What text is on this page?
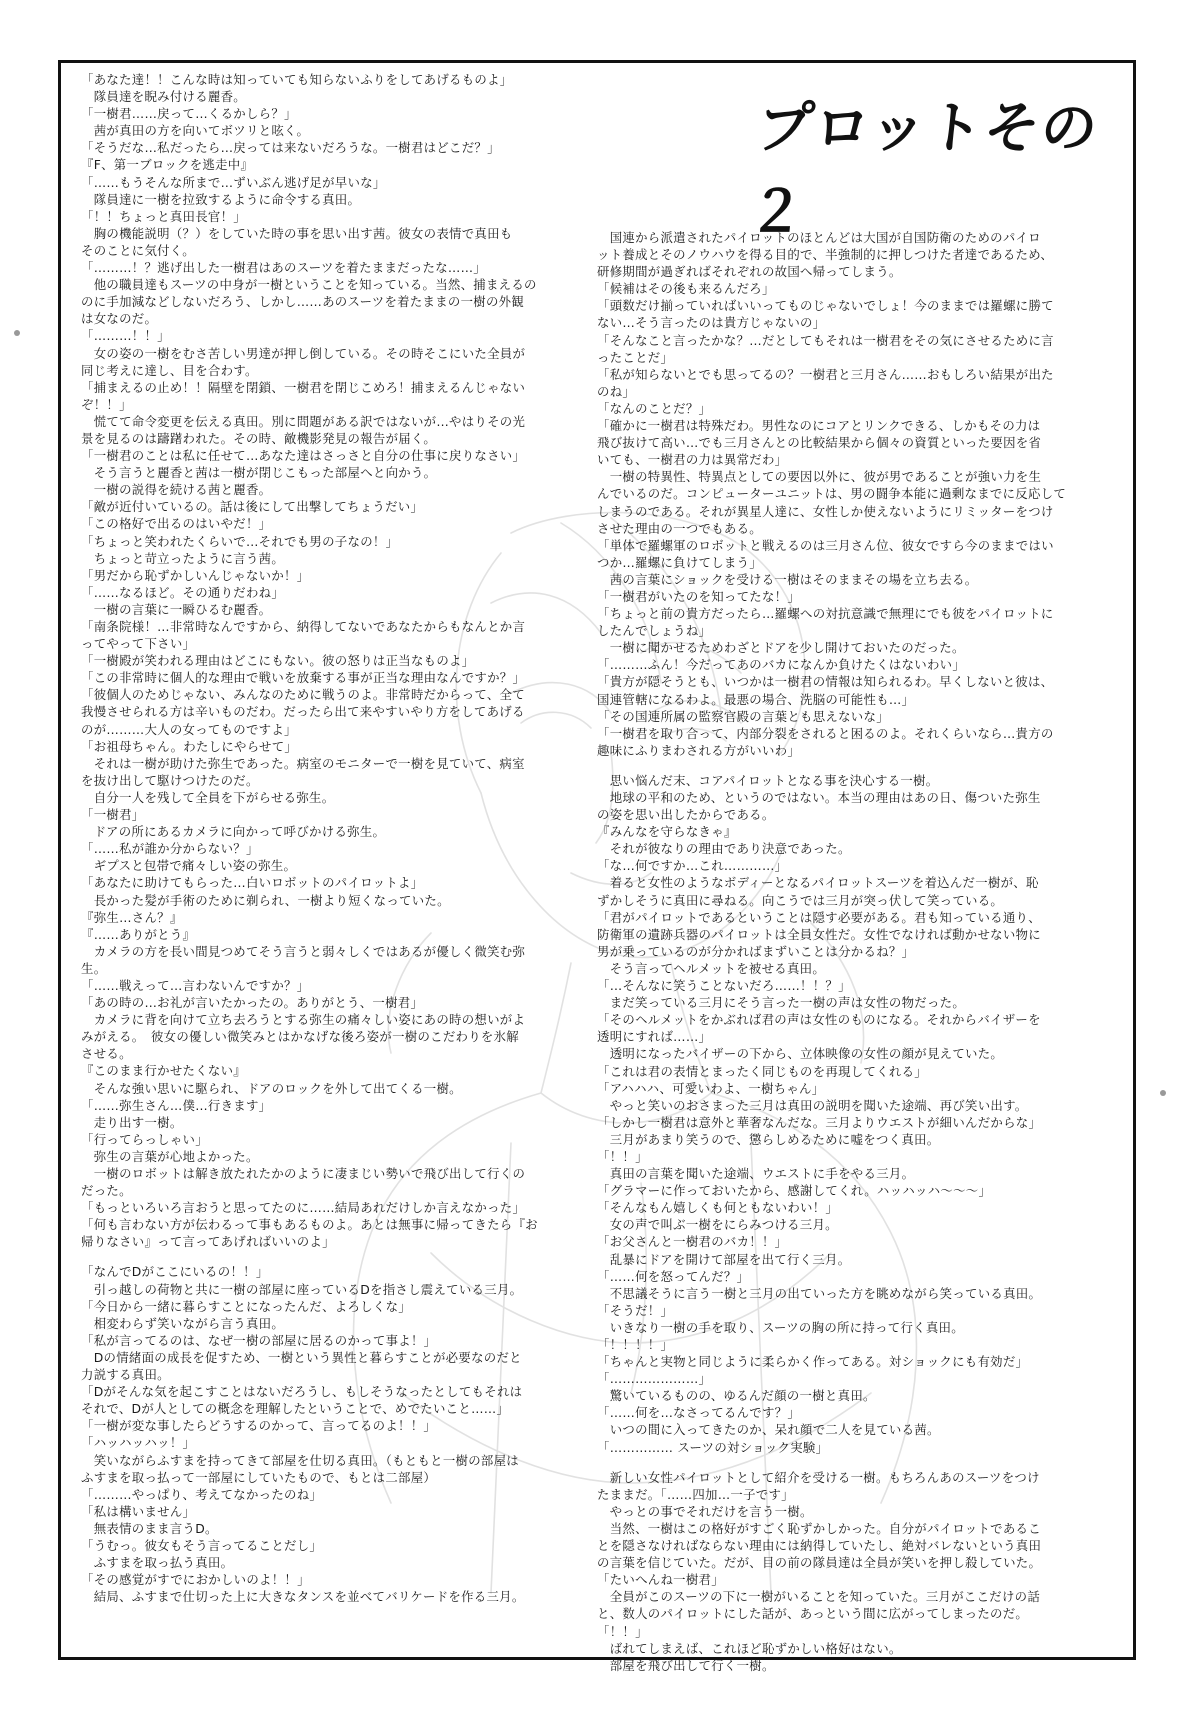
プロットその２

「あなた達！！こんな時は知っていても知らないふりをしてあげるものよ」

　隊員達を睨み付ける麗香。

「一樹君……戻って…くるかしら？」

　茜が真田の方を向いてボツリと呟く。

「そうだな…私だったら…戻っては来ないだろうな。一樹君はどこだ？」

『F、第一ブロックを逃走中』

「……もうそんな所まで…ずいぶん逃げ足が早いな」

　隊員達に一樹を拉致するように命令する真田。

「！！ちょっと真田長官！」

　胸の機能説明（？）をしていた時の事を思い出す茜。彼女の表情で真田も

そのことに気付く。

「………！？逃げ出した一樹君はあのスーツを着たままだったな……」

　他の職員達もスーツの中身が一樹ということを知っている。当然、捕まえるの

のに手加減などしないだろう、しかし……あのスーツを着たままの一樹の外観

は女なのだ。

「………！！」

　女の姿の一樹をむさ苦しい男達が押し倒している。その時そこにいた全員が

同じ考えに達し、目を合わす。

「捕まえるの止め！！隔壁を閉鎖、一樹君を閉じこめろ！捕まえるんじゃない

ぞ！！」

　慌てて命令変更を伝える真田。別に問題がある訳ではないが…やはりその光

景を見るのは躊躇われた。その時、敵機影発見の報告が届く。

「一樹君のことは私に任せて…あなた達はさっさと自分の仕事に戻りなさい」

　そう言うと麗香と茜は一樹が閉じこもった部屋へと向かう。

　一樹の説得を続ける茜と麗香。

「敵が近付いているの。話は後にして出撃してちょうだい」

「この格好で出るのはいやだ！」

「ちょっと笑われたくらいで…それでも男の子なの！」

　ちょっと苛立ったように言う茜。

「男だから恥ずかしいんじゃないか！」

「……なるほど。その通りだわね」

　一樹の言葉に一瞬ひるむ麗香。

「南条院様！…非常時なんですから、納得してないであなたからもなんとか言

ってやって下さい」

「一樹殿が笑われる理由はどこにもない。彼の怒りは正当なものよ」

「この非常時に個人的な理由で戦いを放棄する事が正当な理由なんですか？」

「彼個人のためじゃない、みんなのために戦うのよ。非常時だからって、全て

我慢させられる方は辛いものだわ。だったら出て来やすいやり方をしてあげる

のが………大人の女ってものですよ」

「お祖母ちゃん。わたしにやらせて」

　それは一樹が助けた弥生であった。病室のモニターで一樹を見ていて、病室

を抜け出して駆けつけたのだ。

　自分一人を残して全員を下がらせる弥生。

「一樹君」

　ドアの所にあるカメラに向かって呼びかける弥生。

「……私が誰か分からない？」

　ギプスと包帯で痛々しい姿の弥生。

「あなたに助けてもらった…白いロボットのパイロットよ」

　長かった髪が手術のために剃られ、一樹より短くなっていた。

『弥生…さん？』

『……ありがとう』

　カメラの方を長い間見つめてそう言うと弱々しくではあるが優しく微笑む弥

生。

「……戦えって…言わないんですか？」

「あの時の…お礼が言いたかったの。ありがとう、一樹君」

　カメラに背を向けて立ち去ろうとする弥生の痛々しい姿にあの時の想いがよ

みがえる。　彼女の優しい微笑みとはかなげな後ろ姿が一樹のこだわりを氷解

させる。

『このまま行かせたくない』

　そんな強い思いに駆られ、ドアのロックを外して出てくる一樹。

「……弥生さん…僕…行きます」

　走り出す一樹。

「行ってらっしゃい」

　弥生の言葉が心地よかった。

　一樹のロボットは解き放たれたかのように凄まじい勢いで飛び出して行くの

だった。

「もっといろいろ言おうと思ってたのに……結局あれだけしか言えなかった」

「何も言わない方が伝わるって事もあるものよ。あとは無事に帰ってきたら『お

帰りなさい』って言ってあげればいいのよ」

「なんでDがここにいるの！！」

　引っ越しの荷物と共に一樹の部屋に座っているDを指さし震えている三月。

「今日から一緒に暮らすことになったんだ、よろしくな」

　相変わらず笑いながら言う真田。

「私が言ってるのは、なぜ一樹の部屋に居るのかって事よ！」

　Dの情緒面の成長を促すため、一樹という異性と暮らすことが必要なのだと

力説する真田。

「Dがそんな気を起こすことはないだろうし、もしそうなったとしてもそれは

それで、Dが人としての概念を理解したということで、めでたいこと……」

「一樹が変な事したらどうするのかって、言ってるのよ！！」

「ハッハッハッ！」

　笑いながらふすまを持ってきて部屋を仕切る真田。（もともと一樹の部屋は

ふすまを取っ払って一部屋にしていたもので、もとは二部屋）

「………やっぱり、考えてなかったのね」

「私は構いません」

　無表情のまま言うD。

「うむっ。彼女もそう言ってることだし」

　ふすまを取っ払う真田。

「その感覚がすでにおかしいのよ！！」

　結局、ふすまで仕切った上に大きなタンスを並べてバリケードを作る三月。

　国連から派遣されたパイロットのほとんどは大国が自国防衛のためのパイロ

ット養成とそのノウハウを得る目的で、半強制的に押しつけた者達であるため、

研修期間が過ぎればそれぞれの故国へ帰ってしまう。

「候補はその後も来るんだろ」

「頭数だけ揃っていればいいってものじゃないでしょ！今のままでは羅螺に勝て

ない…そう言ったのは貴方じゃないの」

「そんなこと言ったかな？…だとしてもそれは一樹君をその気にさせるために言

ったことだ」

「私が知らないとでも思ってるの？一樹君と三月さん……おもしろい結果が出た

のね」

「なんのことだ？」

「確かに一樹君は特殊だわ。男性なのにコアとリンクできる、しかもその力は

飛び抜けて高い…でも三月さんとの比較結果から個々の資質といった要因を省

いても、一樹君の力は異常だわ」

　一樹の特異性、特異点としての要因以外に、彼が男であることが強い力を生

んでいるのだ。コンピューターユニットは、男の闘争本能に過剰なまでに反応して

しまうのである。それが異星人達に、女性しか使えないようにリミッターをつけ

させた理由の一つでもある。

「単体で羅螺軍のロボットと戦えるのは三月さん位、彼女ですら今のままではい

つか…羅螺に負けてしまう」

　茜の言葉にショックを受ける一樹はそのままその場を立ち去る。

「一樹君がいたのを知ってたな！」

「ちょっと前の貴方だったら…羅螺への対抗意識で無理にでも彼をパイロットに

したんでしょうね」

　一樹に聞かせるためわざとドアを少し開けておいたのだった。

「………ふん！今だってあのバカになんか負けたくはないわい」

「貴方が隠そうとも、いつかは一樹君の情報は知られるわ。早くしないと彼は、

国連管轄になるわよ。最悪の場合、洗脳の可能性も…」

「その国連所属の監察官殿の言葉とも思えないな」

「一樹君を取り合って、内部分裂をされると困るのよ。それくらいなら…貴方の

趣味にふりまわされる方がいいわ」

　思い悩んだ末、コアパイロットとなる事を決心する一樹。

　地球の平和のため、というのではない。本当の理由はあの日、傷ついた弥生

の姿を思い出したからである。

『みんなを守らなきゃ』

　それが彼なりの理由であり決意であった。

「な…何ですか…これ…………」

　着ると女性のようなボディーとなるパイロットスーツを着込んだ一樹が、恥

ずかしそうに真田に尋ねる。向こうでは三月が突っ伏して笑っている。

「君がパイロットであるということは隠す必要がある。君も知っている通り、

防衛軍の遺跡兵器のパイロットは全員女性だ。女性でなければ動かせない物に

男が乗っているのが分かればまずいことは分かるね？」

　そう言ってヘルメットを被せる真田。

「…そんなに笑うことないだろ……！！？」

　まだ笑っている三月にそう言った一樹の声は女性の物だった。

「そのヘルメットをかぶれば君の声は女性のものになる。それからバイザーを

透明にすれば……」

　透明になったバイザーの下から、立体映像の女性の顔が見えていた。

「これは君の表情とまったく同じものを再現してくれる」

「アハハハ、可愛いわよ、一樹ちゃん」

　やっと笑いのおさまった三月は真田の説明を聞いた途端、再び笑い出す。

「しかし一樹君は意外と華奢なんだな。三月よりウエストが細いんだからな」

　三月があまり笑うので、懲らしめるために嘘をつく真田。

「！！」

　真田の言葉を聞いた途端、ウエストに手をやる三月。

「グラマーに作っておいたから、感謝してくれ。ハッハッハ～～～」

「そんなもん嬉しくも何ともないわい！」

　女の声で叫ぶ一樹をにらみつける三月。

「お父さんと一樹君のバカ！！」

　乱暴にドアを開けて部屋を出て行く三月。

「……何を怒ってんだ？」

　不思議そうに言う一樹と三月の出ていった方を眺めながら笑っている真田。

「そうだ！」

　いきなり一樹の手を取り、スーツの胸の所に持って行く真田。

「！！！！」

「ちゃんと実物と同じように柔らかく作ってある。対ショックにも有効だ」

「…………………」

　驚いているものの、ゆるんだ顔の一樹と真田。

「……何を…なさってるんです？」

　いつの間に入ってきたのか、呆れ顔で二人を見ている茜。

「…………… スーツの対ショック実験」

　新しい女性パイロットとして紹介を受ける一樹。もちろんあのスーツをつけ

たままだ。「……四加…一子です」

　やっとの事でそれだけを言う一樹。

　当然、一樹はこの格好がすごく恥ずかしかった。自分がパイロットであるこ

とを隠さなければならない理由には納得していたし、絶対バレないという真田

の言葉を信じていた。だが、目の前の隊員達は全員が笑いを押し殺していた。

「たいへんね一樹君」

　全員がこのスーツの下に一樹がいることを知っていた。三月がここだけの話

と、数人のパイロットにした話が、あっという間に広がってしまったのだ。

「！！」

　ばれてしまえば、これほど恥ずかしい格好はない。

　部屋を飛び出して行く一樹。
